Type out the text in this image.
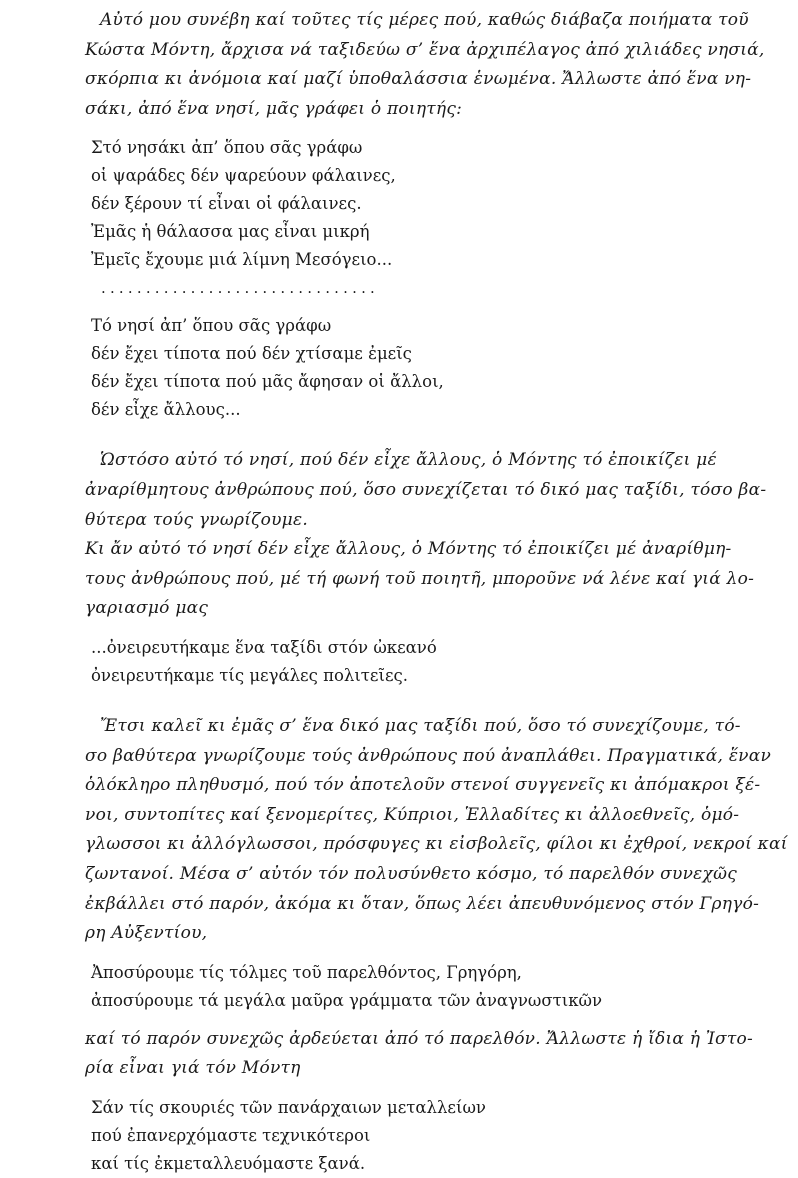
Αὐτό μου συνέβη καί τοῦτες τίς μέρες πού, καθώς διάβαζα ποιήματα τοῦ
Κώστα Μόντη, ἄρχισα νά ταξιδεύω σ’ ἕνα ἀρχιπέλαγος ἀπό χιλιάδες νησιά,
σκόρπια κι ἀνόμοια καί μαζί ὑποθαλάσσια ἑνωμένα. Ἄλλωστε ἀπό ἕνα νη-
σάκι, ἀπό ἕνα νησί, μᾶς γράφει ὁ ποιητής:
Στό νησάκι ἀπ’ ὅπου σᾶς γράφω
οἱ ψαράδες δέν ψαρεύουν φάλαινες,
δέν ξέρουν τί εἶναι οἱ φάλαινες.
Ἐμᾶς ἡ θάλασσα μας εἶναι μικρή
Ἐμεῖς ἔχουμε μιά λίμνη Μεσόγειο...
...............................
Τό νησί ἀπ’ ὅπου σᾶς γράφω
δέν ἔχει τίποτα πού δέν χτίσαμε ἐμεῖς
δέν ἔχει τίποτα πού μᾶς ἄφησαν οἱ ἄλλοι,
δέν εἶχε ἄλλους...
Ὡστόσο αὐτό τό νησί, πού δέν εἶχε ἄλλους, ὁ Μόντης τό ἐποικίζει μέ
ἀναρίθμητους ἀνθρώπους πού, ὅσο συνεχίζεται τό δικό μας ταξίδι, τόσο βα-
θύτερα τούς γνωρίζουμε.
Κι ἄν αὐτό τό νησί δέν εἶχε ἄλλους, ὁ Μόντης τό ἐποικίζει μέ ἀναρίθμη-
τους ἀνθρώπους πού, μέ τή φωνή τοῦ ποιητῆ, μποροῦνε νά λένε καί γιά λο-
γαριασμό μας
...ὀνειρευτήκαμε ἕνα ταξίδι στόν ὠκεανό
ὀνειρευτήκαμε τίς μεγάλες πολιτεῖες.
Ἔτσι καλεῖ κι ἐμᾶς σ’ ἕνα δικό μας ταξίδι πού, ὅσο τό συνεχίζουμε, τό-
σο βαθύτερα γνωρίζουμε τούς ἀνθρώπους πού ἀναπλάθει. Πραγματικά, ἕναν
ὁλόκληρο πληθυσμό, πού τόν ἀποτελοῦν στενοί συγγενεῖς κι ἀπόμακροι ξέ-
νοι, συντοπίτες καί ξενομερίτες, Κύπριοι, Ἑλλαδίτες κι ἀλλοεθνεῖς, ὁμό-
γλωσσοι κι ἀλλόγλωσσοι, πρόσφυγες κι εἰσβολεῖς, φίλοι κι ἐχθροί, νεκροί καί
ζωντανοί. Μέσα σ’ αὐτόν τόν πολυσύνθετο κόσμο, τό παρελθόν συνεχῶς
ἐκβάλλει στό παρόν, ἀκόμα κι ὅταν, ὅπως λέει ἀπευθυνόμενος στόν Γρηγό-
ρη Αὐξεντίου,
Ἀποσύρουμε τίς τόλμες τοῦ παρελθόντος, Γρηγόρη,
ἀποσύρουμε τά μεγάλα μαῦρα γράμματα τῶν ἀναγνωστικῶν
καί τό παρόν συνεχῶς ἀρδεύεται ἀπό τό παρελθόν. Ἄλλωστε ἡ ἴδια ἡ Ἰστο-
ρία εἶναι γιά τόν Μόντη
Σάν τίς σκουριές τῶν πανάρχαιων μεταλλείων
πού ἐπανερχόμαστε τεχνικότεροι
καί τίς ἐκμεταλλευόμαστε ξανά.
